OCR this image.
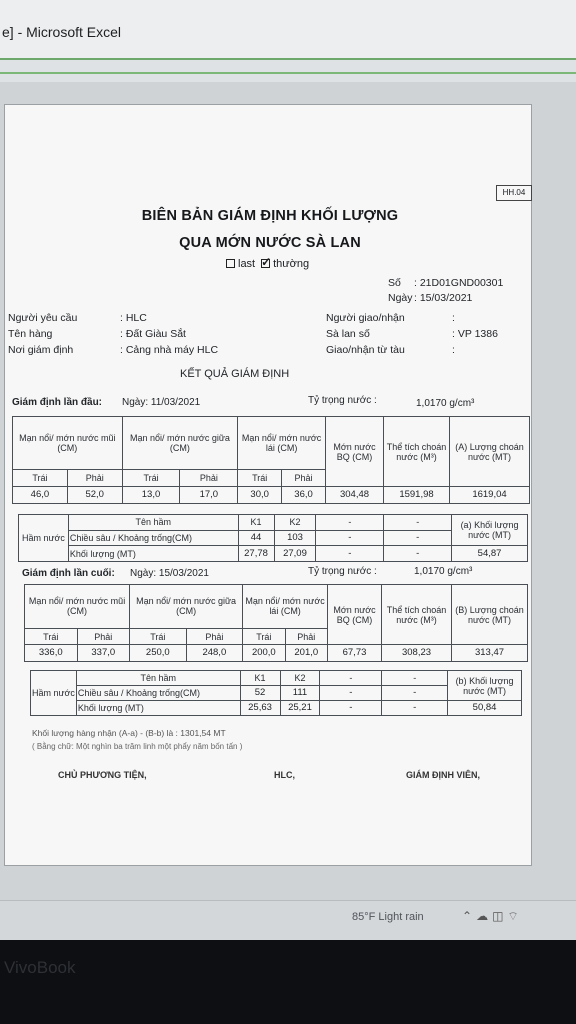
e] - Microsoft Excel
HH.04
BIÊN BẢN GIÁM ĐỊNH KHỐI LƯỢNG
QUA MỚN NƯỚC SÀ LAN
last ✓	thường
Số : 21D01GND00301
Ngày : 15/03/2021
Người yêu cầu	: HLC
Tên hàng	: Đất Giàu Sắt
Nơi giám định	: Cảng nhà máy HLC
Người giao/nhận	:
Sà lan số	: VP 1386
Giao/nhận từ tàu	:
KẾT QUẢ GIÁM ĐỊNH
Giám định lần đầu: Ngày: 11/03/2021	Tỷ trọng nước :	1,0170 g/cm³
Mạn nổi/ mớn nước mũi (CM)		Mạn nổi/ mớn nước giữa (CM)		Mạn nổi/ mớn nước lái (CM)		Mớn nước BQ (CM)	Thể tích choán nước (M³)	(A) Lượng choán nước (MT)
Trái	Phải	Trái	Phải	Trái	Phải			
46,0	52,0	13,0	17,0	30,0	36,0	304,48	1591,98	1619,04
Hầm nước	Tên hầm	K1	K2	-	-	(a) Khối lượng nước (MT)
	Chiều sâu / Khoảng trống(CM)	44	103	-	-	
	Khối lượng (MT)	27,78	27,09	-	-	54,87
Giám định lần cuối: Ngày: 15/03/2021	Tỷ trọng nước :	1,0170 g/cm³
Mạn nổi/ mớn nước mũi (CM)		Mạn nổi/ mớn nước giữa (CM)		Mạn nổi/ mớn nước lái (CM)		Mớn nước BQ (CM)	Thể tích choán nước (M³)	(B) Lượng choán nước (MT)
Trái	Phải	Trái	Phải	Trái	Phải			
336,0	337,0	250,0	248,0	200,0	201,0	67,73	308,23	313,47
Hầm nước	Tên hầm	K1	K2	-	-	(b) Khối lượng nước (MT)
	Chiều sâu / Khoảng trống(CM)	52	111	-	-	
	Khối lượng (MT)	25,63	25,21	-	-	50,84
Khối lượng hàng nhận (A-a) - (B-b) là : 1301,54 MT
( Bằng chữ: Một nghìn ba trăm linh một phẩy năm bốn tấn )
CHỦ PHƯƠNG TIỆN,	HLC,	GIÁM ĐỊNH VIÊN,
85°F Light rain	⌃☁◫⌔
VivoBook
